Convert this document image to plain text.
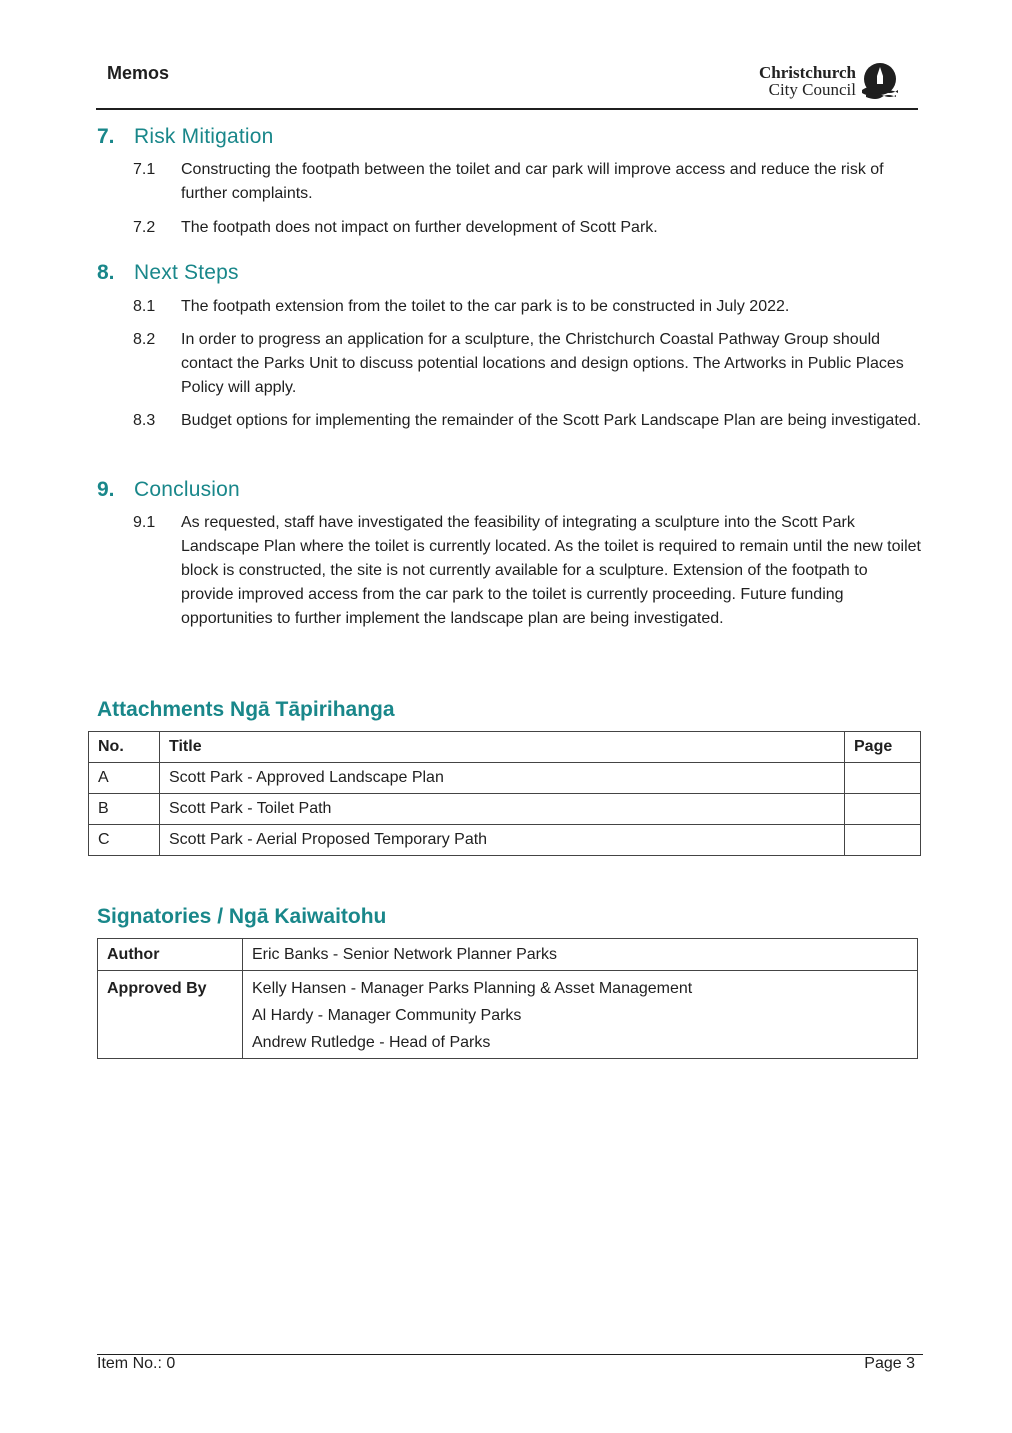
Memos	Christchurch
City Council
7. Risk Mitigation
7.1	Constructing the footpath between the toilet and car park will improve access and reduce the risk of further complaints.
7.2	The footpath does not impact on further development of Scott Park.
8. Next Steps
8.1	The footpath extension from the toilet to the car park is to be constructed in July 2022.
8.2	In order to progress an application for a sculpture, the Christchurch Coastal Pathway Group should contact the Parks Unit to discuss potential locations and design options. The Artworks in Public Places Policy will apply.
8.3	Budget options for implementing the remainder of the Scott Park Landscape Plan are being investigated.
9. Conclusion
9.1	As requested, staff have investigated the feasibility of integrating a sculpture into the Scott Park Landscape Plan where the toilet is currently located. As the toilet is required to remain until the new toilet block is constructed, the site is not currently available for a sculpture. Extension of the footpath to provide improved access from the car park to the toilet is currently proceeding. Future funding opportunities to further implement the landscape plan are being investigated.
Attachments Ngā Tāpirihanga
No.	Title	Page
A	Scott Park - Approved Landscape Plan	
B	Scott Park - Toilet Path	
C	Scott Park - Aerial Proposed Temporary Path	
Signatories / Ngā Kaiwaitohu
Author	Eric Banks - Senior Network Planner Parks

Approved By	Kelly Hansen - Manager Parks Planning & Asset Management
Al Hardy - Manager Community Parks
Andrew Rutledge - Head of Parks
Item No.: 0	Page 3
